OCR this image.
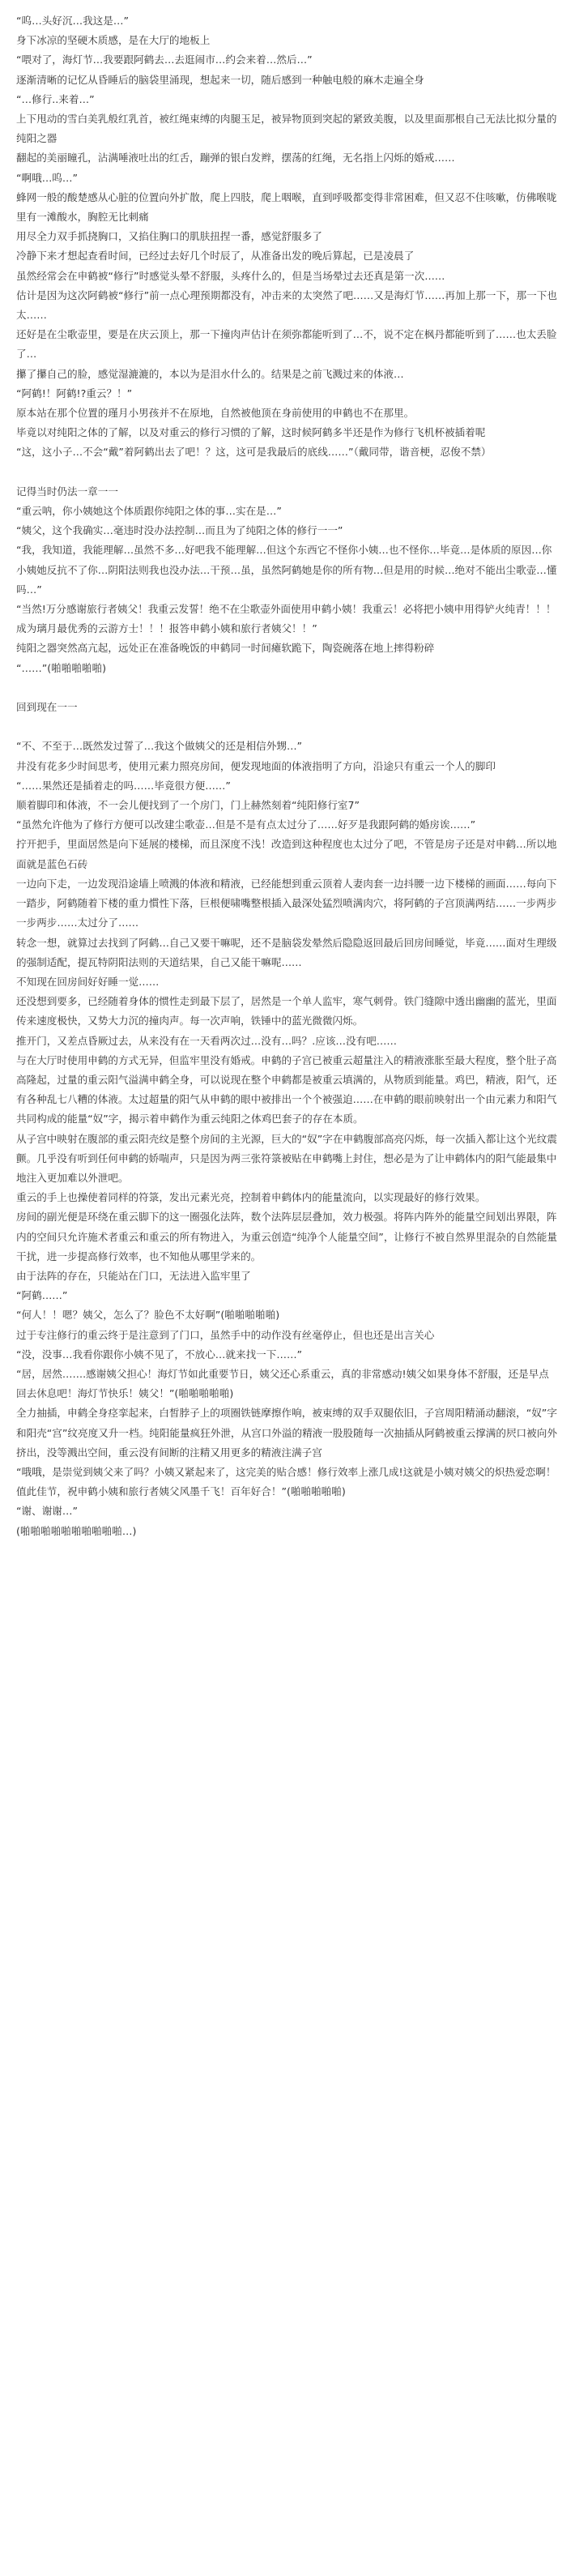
“呜…头好沉…我这是…”

身下冰凉的坚硬木质感，是在大厅的地板上

“喂对了，海灯节…我要跟阿鹤去…去逛闹市…约会来着…然后…”

逐渐清晰的记忆从昏睡后的脑袋里涌现，想起来一切，随后感到一种触电般的麻木走遍全身

“…修行..来着…”

上下甩动的雪白美乳般红乳首，被红绳束缚的肉腿玉足，被异物顶到突起的紧致美腹，以及里面那根自己无法比拟分量的纯阳之器

翻起的美丽瞳孔，沾满唾液吐出的红舌，蹦弹的银白发辫，摆荡的红绳，无名指上闪烁的婚戒……

“啊哦…呜…”

蜂网一般的酸楚感从心脏的位置向外扩散，爬上四肢，爬上咽喉，直到呼吸都变得非常困难，但又忍不住咳嗽，仿佛喉咙里有一滩酸水，胸腔无比刺痛

用尽全力双手抓挠胸口，又掐住胸口的肌肤扭捏一番，感觉舒服多了

冷静下来才想起查看时间，已经过去好几个时辰了，从准备出发的晚后算起，已是凌晨了

虽然经常会在申鹤被“修行”时感觉头晕不舒服，头疼什么的，但是当场晕过去还真是第一次……

估计是因为这次阿鹤被“修行”前一点心理预期都没有，冲击来的太突然了吧……又是海灯节……再加上那一下，那一下也太……

还好是在尘歌壶里，要是在庆云顶上，那一下撞肉声估计在须弥都能听到了…不，说不定在枫丹都能听到了……也太丢脸了…

攥了攥自己的脸，感觉湿漉漉的，本以为是泪水什么的。结果是之前飞溅过来的体液…

“阿鹤!！阿鹤!?重云？！”

原本站在那个位置的瑾月小男孩并不在原地，自然被他顶在身前使用的申鹤也不在那里。

毕竟以对纯阳之体的了解，以及对重云的修行习惯的了解，这时候阿鹤多半还是作为修行飞机杯被插着呢

“这，这小子…不会“戴”着阿鹤出去了吧！？这，这可是我最后的底线……”（戴同带，谐音梗，忍俊不禁）

记得当时仍法一章一一

“重云呐，你小姨她这个体质跟你纯阳之体的事…实在是…”

“姨父，这个我确实…毫违时没办法控制…而且为了纯阳之体的修行一一”

“我，我知道，我能理解…虽然不多…好吧我不能理解…但这个东西它不怪你小姨…也不怪你…毕竟…是体质的原因…你小姨她反抗不了你…阴阳法则我也没办法…干预…虽，虽然阿鹤她是你的所有物…但是用的时候…绝对不能出尘歌壶…懂吗…”

“当然!万分感谢旅行者姨父！我重云发誓！绝不在尘歌壶外面使用申鹤小姨！我重云！必将把小姨申用得铲火纯青！！！成为璃月最优秀的云游方士！！！报答申鹤小姨和旅行者姨父！！”

纯阳之器突然高亢起，远处正在准备晚饭的申鹤同一时间瘫软跪下，陶瓷碗落在地上摔得粉碎

“……”(啪啪啪啪啪)

回到现在一一

“不、不至于…既然发过誓了…我这个做姨父的还是相信外甥…”

井没有花多少时间思考，使用元素力照亮房间，便发现地面的体液指明了方向，沿途只有重云一个人的脚印

“……果然还是插着走的吗……毕竟很方便……”

顺着脚印和体液，不一会儿便找到了一个房门，门上赫然刻着“纯阳修行室7”

“虽然允许他为了修行方便可以改建尘歌壶…但是不是有点太过分了……好歹是我跟阿鹤的婚房诶……”

拧开把手，里面居然是向下延展的楼梯，而且深度不浅！改造到这种程度也太过分了吧，不管是房子还是对申鹤…所以地面就是蓝色石砖

一边向下走，一边发现沿途墙上喷溅的体液和精液，已经能想到重云顶着人妻肉套一边抖腰一边下楼梯的画面……每向下一踏步，阿鹤随着下楼的重力慣性下落，巨根便啸嘴整根插入最深处猛烈喷满肉穴，将阿鹤的子宫顶满两结……一步两步一步两步……太过分了……

转念一想，就算过去找到了阿鹤…自己又要干嘛呢，还不是脑袋发晕然后隐隐返回最后回房间睡觉，毕竟……面对生理级的强制适配，提瓦特阴阳法则的天道结果，自己又能干嘛呢……

不知现在回房间好好睡一觉……

还没想到要多，已经随着身体的惯性走到最下层了，居然是一个单人监牢，寒气刺骨。铁门缝隙中透出幽幽的蓝光，里面传来速度极快，又势大力沉的撞肉声。每一次声响，铁锤中的蓝光微微闪烁。

推开门，又差点昏厥过去，从来没有在一天看两次过…没有…吗？.应该…没有吧……

与在大厅时使用申鹤的方式无异，但监牢里没有婚戒。申鹤的子宫已被重云超量注入的精液涨胀至最大程度，整个肚子高高隆起，过量的重云阳气溢满申鹤全身，可以说现在整个申鹤都是被重云填满的，从物质到能量。鸡巴，精液，阳气，还有各种乱七八糟的体液。太过超量的阳气从申鹤的眼中被排出一个个被强迫……在申鹤的眼前映射出一个由元素力和阳气共同构成的能量“奴”字，揭示着申鹤作为重云纯阳之体鸡巴套子的存在本质。

从子宫中映射在腹部的重云阳壳纹是整个房间的主光源，巨大的“奴”字在申鹤腹部高亮闪烁，每一次插入都让这个光纹震颤。几乎没有听到任何申鹤的娇喘声，只是因为两三张符箓被贴在申鹤嘴上封住，想必是为了让申鹤体内的阳气能最集中地注入更加难以外泄吧。

重云的手上也操使着同样的符箓，发出元素光亮，控制着申鹤体内的能量流向，以实现最好的修行效果。

房间的副光便是环绕在重云脚下的这一圈强化法阵，数个法阵层层叠加，效力极强。将阵内阵外的能量空间划出界限，阵内的空间只允许施术者重云和重云的所有物进入，为重云创造“纯净个人能量空间”，让修行不被自然界里混杂的自然能量干扰，进一步提高修行效率，也不知他从哪里学来的。

由于法阵的存在，只能站在门口，无法进入监牢里了

“阿鹤……”

“何人！！嗯？姨父，怎么了？脸色不太好啊”(啪啪啪啪啪)

过于专注修行的重云终于是注意到了门口，虽然手中的动作没有丝毫停止，但也还是出言关心

“没，没事…我看你跟你小姨不见了，不放心…就来找一下……”

“居，居然…….感谢姨父担心！海灯节如此重要节日，姨父还心系重云，真的非常感动!姨父如果身体不舒服，还是早点回去休息吧！海灯节快乐！姨父！”(啪啪啪啪啪)

全力抽插，申鹤全身痉挛起来，白皙脖子上的项圈铁链摩擦作响，被束缚的双手双腿依旧，子宫周阳精涌动翻滚，“奴”字和阳壳“宫”纹亮度又升一档。纯阳能量疯狂外泄，从宫口外溢的精液一股股随每一次抽插从阿鹤被重云撑满的屄口被向外挤出，没等溅出空间，重云没有间断的注精又用更多的精液注满子宫

“哦哦，是崇觉到姨父来了吗？小姨又紧起来了，这完美的贴合感！修行效率上涨几成!这就是小姨对姨父的炽热爱恋啊！值此佳节，祝申鹤小姨和旅行者姨父风墨千飞！百年好合！”(啪啪啪啪啪)

“谢、谢谢…”

(啪啪啪啪啪啪啪啪啪啪…)
